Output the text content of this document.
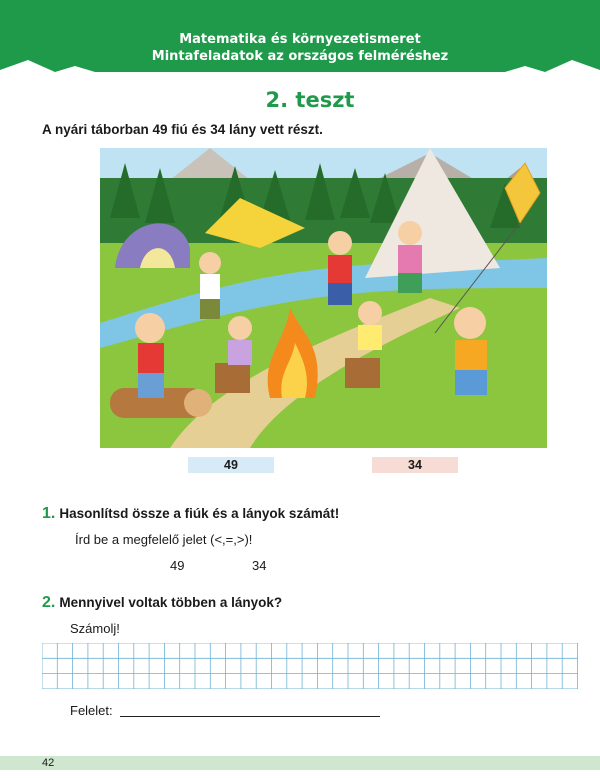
Matematika és környezetismeret
Mintafeladatok az országos felméréshez
2. teszt
A nyári táborban 49 fiú és 34 lány vett részt.
49	34
1. Hasonlítsd össze a fiúk és a lányok számát!
Írd be a megfelelő jelet (<,=,>)!
49	34
2. Mennyivel voltak többen a lányok?
Számolj!
Felelet:
42
